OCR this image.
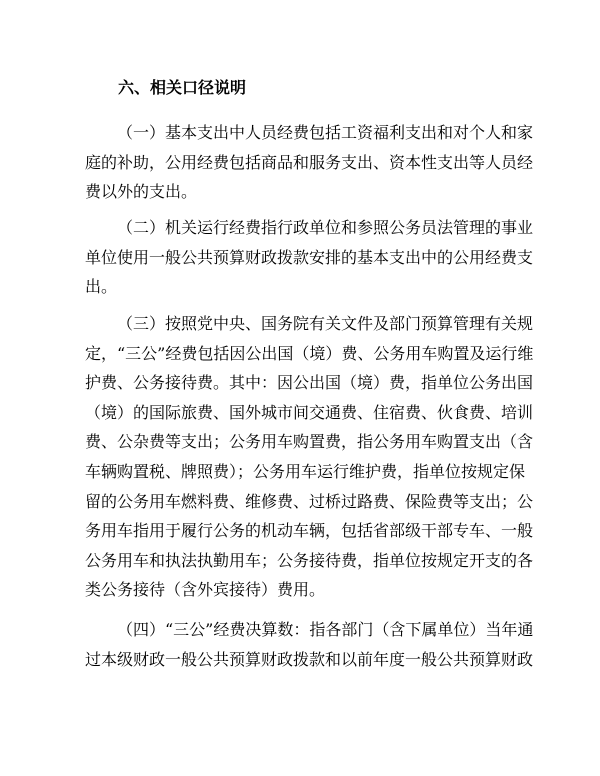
六、相关口径说明
（一）基本支出中人员经费包括工资福利支出和对个人和家
庭的补助，公用经费包括商品和服务支出、资本性支出等人员经
费以外的支出。
（二）机关运行经费指行政单位和参照公务员法管理的事业
单位使用一般公共预算财政拨款安排的基本支出中的公用经费支
出。
（三）按照党中央、国务院有关文件及部门预算管理有关规
定，“三公”经费包括因公出国（境）费、公务用车购置及运行维
护费、公务接待费。其中：因公出国（境）费，指单位公务出国
（境）的国际旅费、国外城市间交通费、住宿费、伙食费、培训
费、公杂费等支出；公务用车购置费，指公务用车购置支出（含
车辆购置税、牌照费）；公务用车运行维护费，指单位按规定保
留的公务用车燃料费、维修费、过桥过路费、保险费等支出；公
务用车指用于履行公务的机动车辆，包括省部级干部专车、一般
公务用车和执法执勤用车；公务接待费，指单位按规定开支的各
类公务接待（含外宾接待）费用。
（四）“三公”经费决算数：指各部门（含下属单位）当年通
过本级财政一般公共预算财政拨款和以前年度一般公共预算财政
